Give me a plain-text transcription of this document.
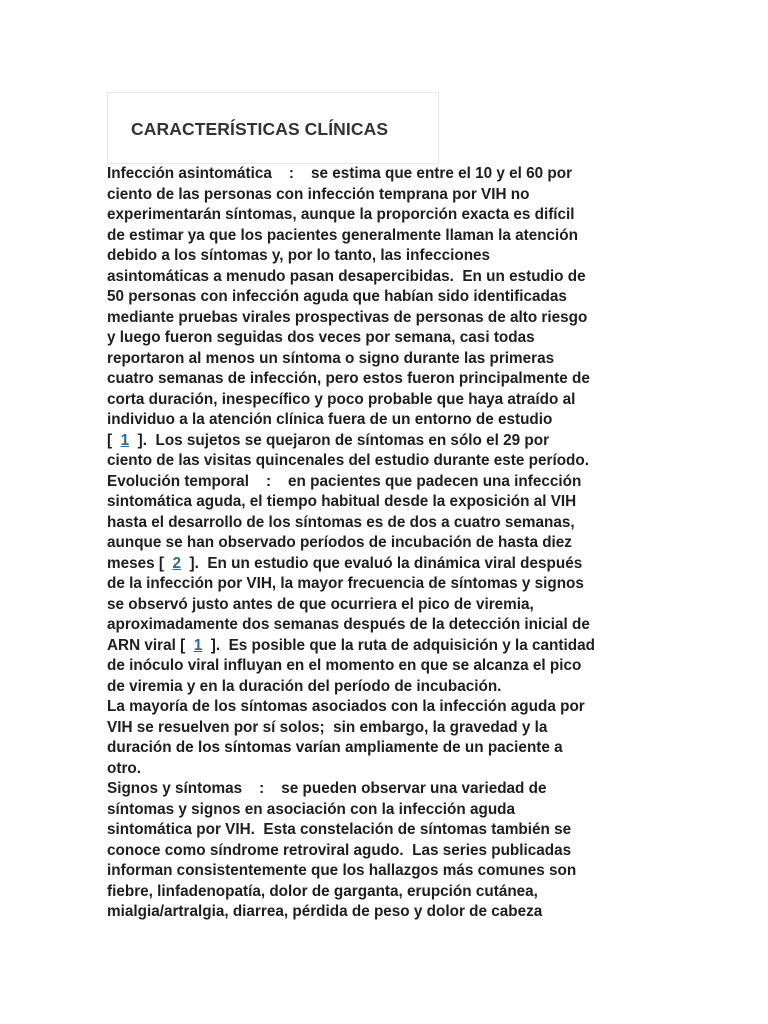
CARACTERÍSTICAS CLÍNICAS
Infección asintomática    :    se estima que entre el 10 y el 60 por
ciento de las personas con infección temprana por VIH no
experimentarán síntomas, aunque la proporción exacta es difícil
de estimar ya que los pacientes generalmente llaman la atención
debido a los síntomas y, por lo tanto, las infecciones
asintomáticas a menudo pasan desapercibidas.  En un estudio de
50 personas con infección aguda que habían sido identificadas
mediante pruebas virales prospectivas de personas de alto riesgo
y luego fueron seguidas dos veces por semana, casi todas
reportaron al menos un síntoma o signo durante las primeras
cuatro semanas de infección, pero estos fueron principalmente de
corta duración, inespecífico y poco probable que haya atraído al
individuo a la atención clínica fuera de un entorno de estudio
[  1  ].  Los sujetos se quejaron de síntomas en sólo el 29 por
ciento de las visitas quincenales del estudio durante este período.
Evolución temporal    :    en pacientes que padecen una infección
sintomática aguda, el tiempo habitual desde la exposición al VIH
hasta el desarrollo de los síntomas es de dos a cuatro semanas,
aunque se han observado períodos de incubación de hasta diez
meses [  2  ].  En un estudio que evaluó la dinámica viral después
de la infección por VIH, la mayor frecuencia de síntomas y signos
se observó justo antes de que ocurriera el pico de viremia,
aproximadamente dos semanas después de la detección inicial de
ARN viral [  1  ].  Es posible que la ruta de adquisición y la cantidad
de inóculo viral influyan en el momento en que se alcanza el pico
de viremia y en la duración del período de incubación.
La mayoría de los síntomas asociados con la infección aguda por
VIH se resuelven por sí solos;  sin embargo, la gravedad y la
duración de los síntomas varían ampliamente de un paciente a
otro.
Signos y síntomas    :    se pueden observar una variedad de
síntomas y signos en asociación con la infección aguda
sintomática por VIH.  Esta constelación de síntomas también se
conoce como síndrome retroviral agudo.  Las series publicadas
informan consistentemente que los hallazgos más comunes son
fiebre, linfadenopatía, dolor de garganta, erupción cutánea,
mialgia/artralgia, diarrea, pérdida de peso y dolor de cabeza
